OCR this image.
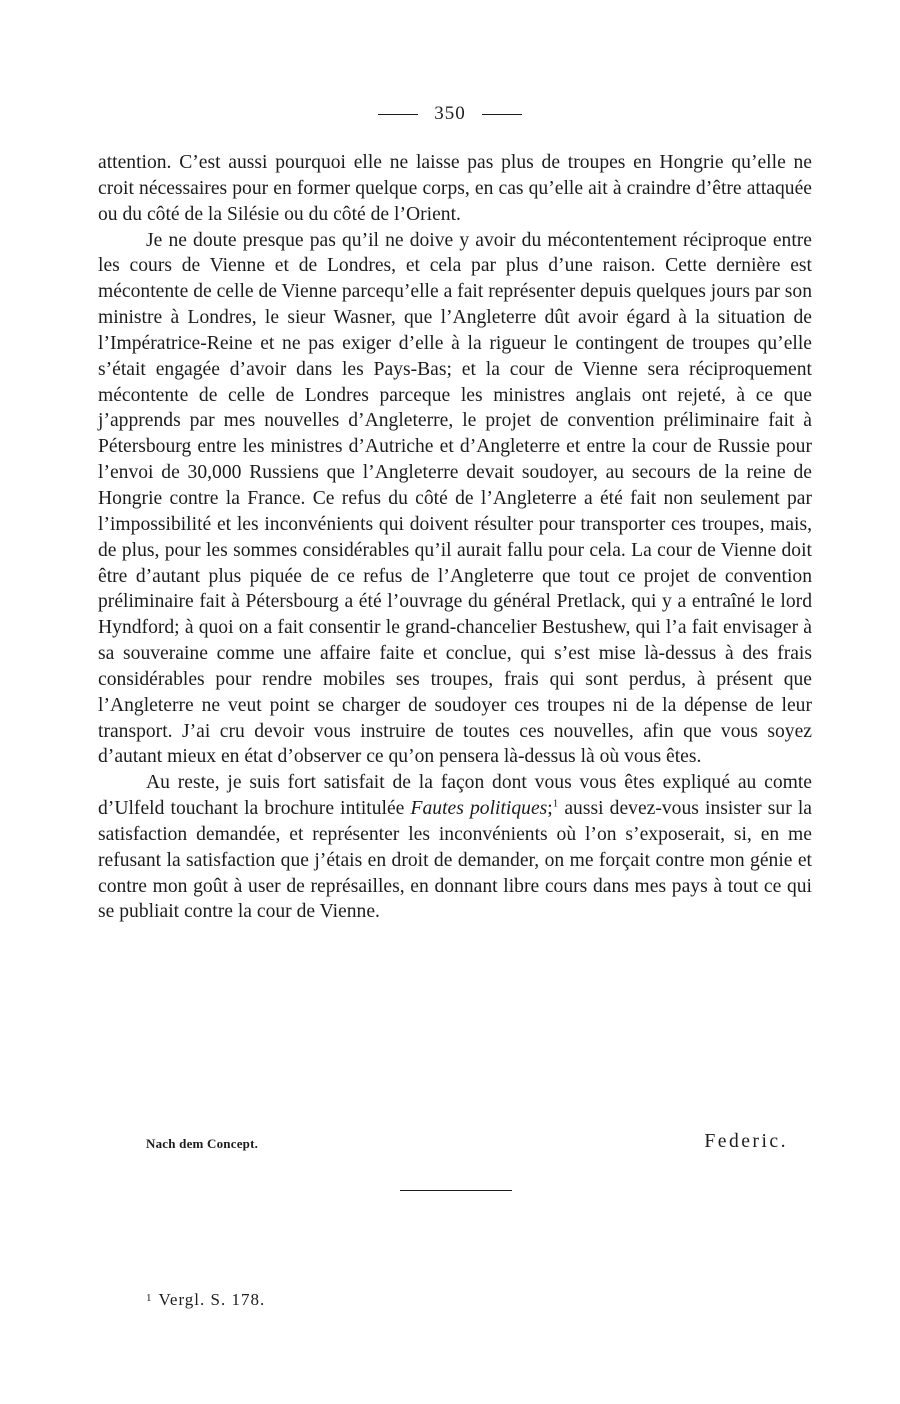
350

attention. C’est aussi pourquoi elle ne laisse pas plus de troupes en Hongrie qu’elle ne croit nécessaires pour en former quelque corps, en cas qu’elle ait à craindre d’être attaquée ou du côté de la Silésie ou du côté de l’Orient.

Je ne doute presque pas qu’il ne doive y avoir du mécontentement réciproque entre les cours de Vienne et de Londres, et cela par plus d’une raison. Cette dernière est mécontente de celle de Vienne parcequ’elle a fait représenter depuis quelques jours par son ministre à Londres, le sieur Wasner, que l’Angleterre dût avoir égard à la situation de l’Impératrice-Reine et ne pas exiger d’elle à la rigueur le contingent de troupes qu’elle s’était engagée d’avoir dans les Pays-Bas; et la cour de Vienne sera réciproquement mécontente de celle de Londres parceque les ministres anglais ont rejeté, à ce que j’apprends par mes nouvelles d’Angleterre, le projet de convention préliminaire fait à Pétersbourg entre les ministres d’Autriche et d’Angleterre et entre la cour de Russie pour l’envoi de 30,000 Russiens que l’Angleterre devait soudoyer, au secours de la reine de Hongrie contre la France. Ce refus du côté de l’Angleterre a été fait non seulement par l’impossibilité et les inconvénients qui doivent résulter pour transporter ces troupes, mais, de plus, pour les sommes considérables qu’il aurait fallu pour cela. La cour de Vienne doit être d’autant plus piquée de ce refus de l’Angleterre que tout ce projet de convention préliminaire fait à Pétersbourg a été l’ouvrage du général Pretlack, qui y a entraîné le lord Hyndford; à quoi on a fait consentir le grand-chancelier Bestushew, qui l’a fait envisager à sa souveraine comme une affaire faite et conclue, qui s’est mise là-dessus à des frais considérables pour rendre mobiles ses troupes, frais qui sont perdus, à présent que l’Angleterre ne veut point se charger de soudoyer ces troupes ni de la dépense de leur transport. J’ai cru devoir vous instruire de toutes ces nouvelles, afin que vous soyez d’autant mieux en état d’observer ce qu’on pensera là-dessus là où vous êtes.

Au reste, je suis fort satisfait de la façon dont vous vous êtes expliqué au comte d’Ulfeld touchant la brochure intitulée Fautes politiques;$^1$ aussi devez-vous insister sur la satisfaction demandée, et représenter les inconvénients où l’on s’exposerait, si, en me refusant la satisfaction que j’étais en droit de demander, on me forçait contre mon génie et contre mon goût à user de représailles, en donnant libre cours dans mes pays à tout ce qui se publiait contre la cour de Vienne.

Nach dem Concept.	Federic.
$^1$ Vergl. S. 178.
